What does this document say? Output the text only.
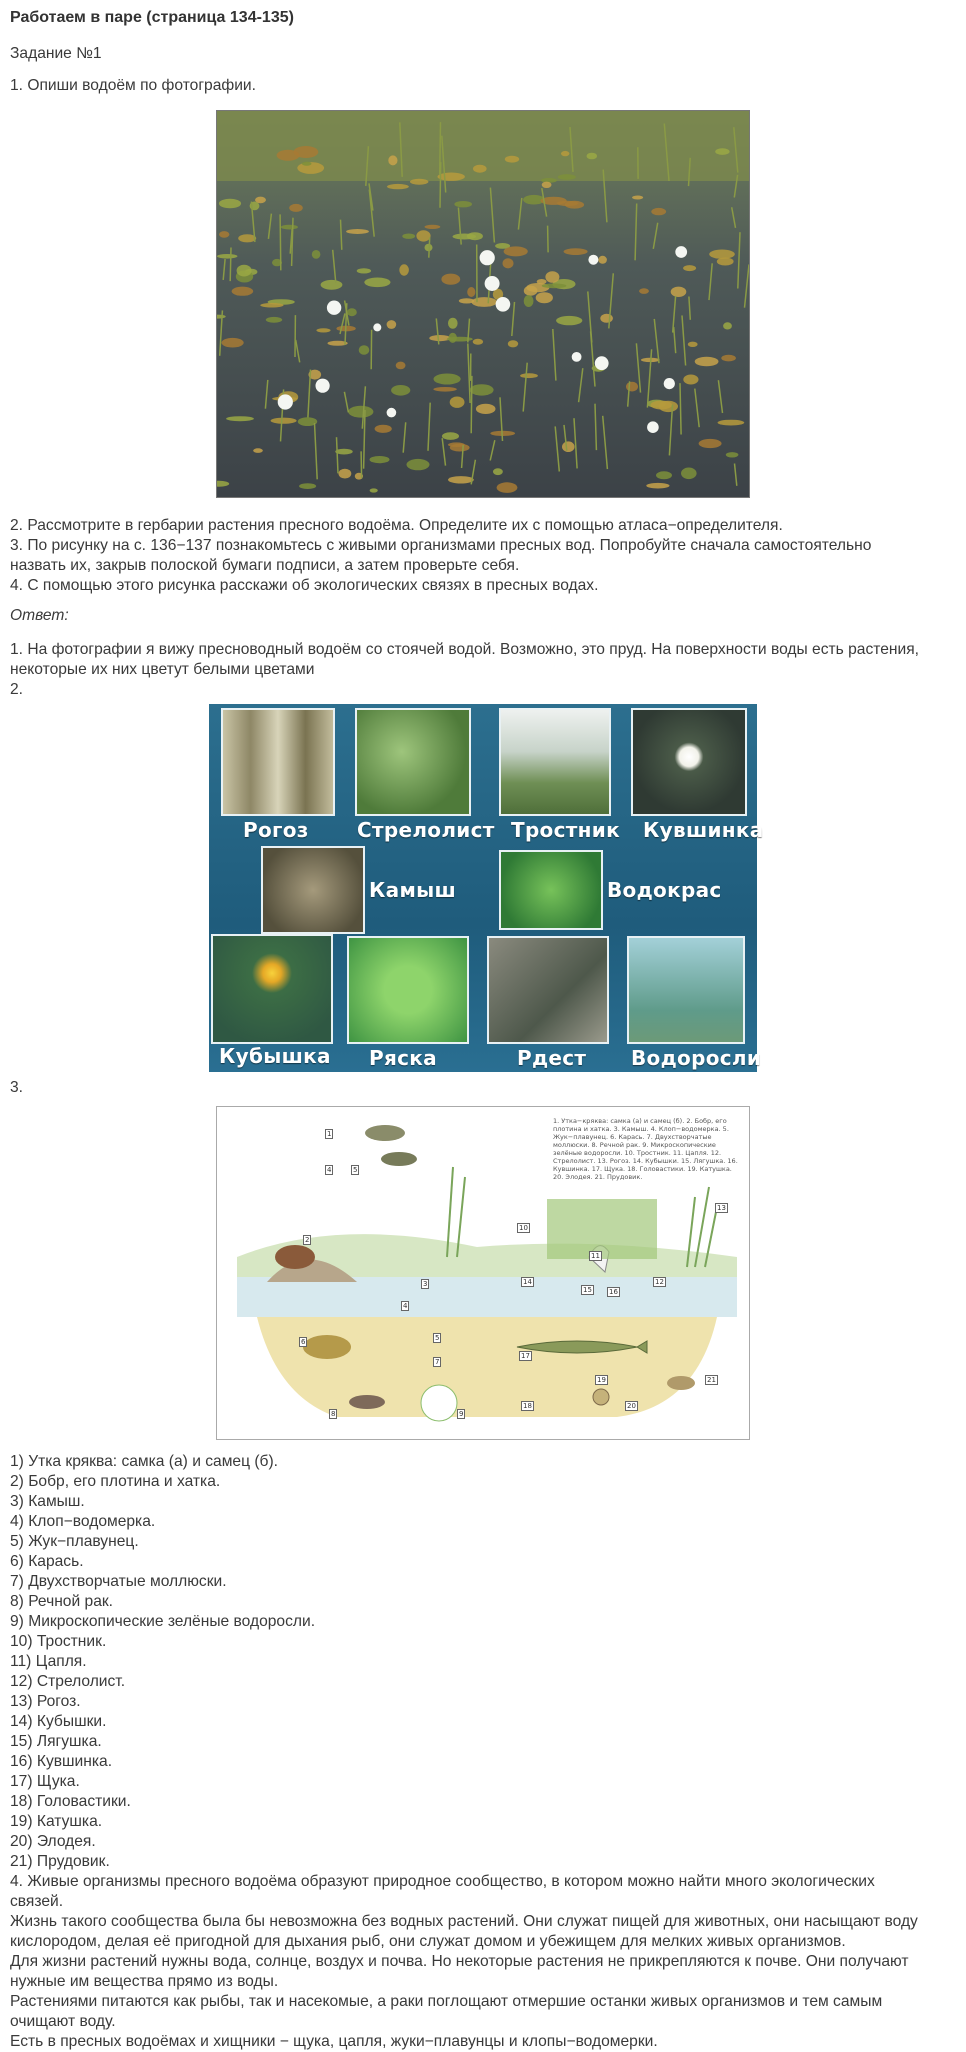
Работаем в паре (страница 134-135)
Задание №1
1. Опиши водоём по фотографии.
2. Рассмотрите в гербарии растения пресного водоёма. Определите их с помощью атласа−определителя.
3. По рисунку на с. 136−137 познакомьтесь с живыми организмами пресных вод. Попробуйте сначала самостоятельно
назвать их, закрыв полоской бумаги подписи, а затем проверьте себя.
4. С помощью этого рисунка расскажи об экологических связях в пресных водах.
Ответ:
1. На фотографии я вижу пресноводный водоём со стоячей водой. Возможно, это пруд. На поверхности воды есть растения,
некоторые их них цветут белыми цветами
2.
Рогоз Стрелолист Тростник Кувшинка
Камыш	Водокрас
Кубышка Ряска	Рдест Водоросли
3.
1. Утка−кряква: самка (а) и самец (б). 2. Бобр, его плотина и хатка. 3. Камыш. 4. Клоп−водомерка. 5. Жук−плавунец. 6. Карась. 7. Двухстворчатые моллюски. 8. Речной рак. 9. Микроскопические зелёные водоросли. 10. Тростник. 11. Цапля. 12. Стрелолист. 13. Рогоз. 14. Кубышки. 15. Лягушка. 16. Кувшинка. 17. Щука. 18. Головастики. 19. Катушка. 20. Элодея. 21. Прудовик.
1
4	5
2
3
4
10
11
12
13
14
15 16
6	5
7
17
8	9
18
19
20
21
1) Утка кряква: самка (а) и самец (б).
2) Бобр, его плотина и хатка.
3) Камыш.
4) Клоп−водомерка.
5) Жук−плавунец.
6) Карась.
7) Двухстворчатые моллюски.
8) Речной рак.
9) Микроскопические зелёные водоросли.
10) Тростник.
11) Цапля.
12) Стрелолист.
13) Рогоз.
14) Кубышки.
15) Лягушка.
16) Кувшинка.
17) Щука.
18) Головастики.
19) Катушка.
20) Элодея.
21) Прудовик.
4. Живые организмы пресного водоёма образуют природное сообщество, в котором можно найти много экологических
связей.
Жизнь такого сообщества была бы невозможна без водных растений. Они служат пищей для животных, они насыщают воду
кислородом, делая её пригодной для дыхания рыб, они служат домом и убежищем для мелких живых организмов.
Для жизни растений нужны вода, солнце, воздух и почва. Но некоторые растения не прикрепляются к почве. Они получают
нужные им вещества прямо из воды.
Растениями питаются как рыбы, так и насекомые, а раки поглощают отмершие останки живых организмов и тем самым
очищают воду.
Есть в пресных водоёмах и хищники − щука, цапля, жуки−плавунцы и клопы−водомерки.
